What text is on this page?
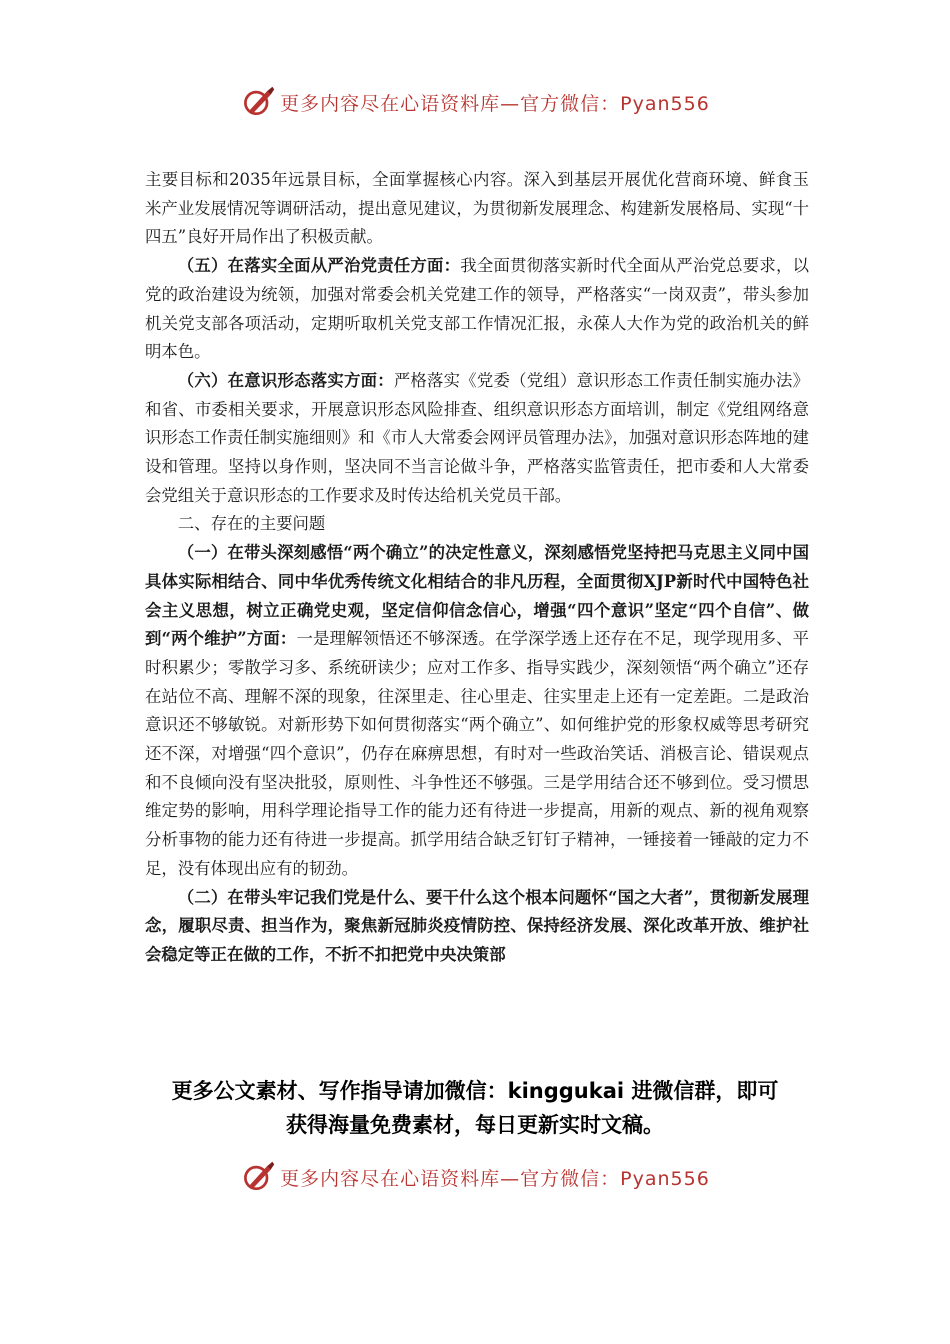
更多内容尽在心语资料库—官方微信：Pyan556

主要目标和2035年远景目标，全面掌握核心内容。深入到基层开展优化营商环境、鲜食玉米产业发展情况等调研活动，提出意见建议，为贯彻新发展理念、构建新发展格局、实现“十四五”良好开局作出了积极贡献。

（五）在落实全面从严治党责任方面：我全面贯彻落实新时代全面从严治党总要求，以党的政治建设为统领，加强对常委会机关党建工作的领导，严格落实“一岗双责”，带头参加机关党支部各项活动，定期听取机关党支部工作情况汇报，永葆人大作为党的政治机关的鲜明本色。

（六）在意识形态落实方面：严格落实《党委（党组）意识形态工作责任制实施办法》和省、市委相关要求，开展意识形态风险排查、组织意识形态方面培训，制定《党组网络意识形态工作责任制实施细则》和《市人大常委会网评员管理办法》，加强对意识形态阵地的建设和管理。坚持以身作则，坚决同不当言论做斗争，严格落实监管责任，把市委和人大常委会党组关于意识形态的工作要求及时传达给机关党员干部。

二、存在的主要问题

（一）在带头深刻感悟“两个确立”的决定性意义，深刻感悟党坚持把马克思主义同中国具体实际相结合、同中华优秀传统文化相结合的非凡历程，全面贯彻XJP新时代中国特色社会主义思想，树立正确党史观，坚定信仰信念信心，增强“四个意识”坚定“四个自信”、做到“两个维护”方面：一是理解领悟还不够深透。在学深学透上还存在不足，现学现用多、平时积累少；零散学习多、系统研读少；应对工作多、指导实践少，深刻领悟“两个确立”还存在站位不高、理解不深的现象，往深里走、往心里走、往实里走上还有一定差距。二是政治意识还不够敏锐。对新形势下如何贯彻落实“两个确立”、如何维护党的形象权威等思考研究还不深，对增强“四个意识”，仍存在麻痹思想，有时对一些政治笑话、消极言论、错误观点和不良倾向没有坚决批驳，原则性、斗争性还不够强。三是学用结合还不够到位。受习惯思维定势的影响，用科学理论指导工作的能力还有待进一步提高，用新的观点、新的视角观察分析事物的能力还有待进一步提高。抓学用结合缺乏钉钉子精神，一锤接着一锤敲的定力不足，没有体现出应有的韧劲。

（二）在带头牢记我们党是什么、要干什么这个根本问题怀“国之大者”，贯彻新发展理念，履职尽责、担当作为，聚焦新冠肺炎疫情防控、保持经济发展、深化改革开放、维护社会稳定等正在做的工作，不折不扣把党中央决策部

更多公文素材、写作指导请加微信：kinggukai 进微信群，即可

获得海量免费素材，每日更新实时文稿。

更多内容尽在心语资料库—官方微信：Pyan556
